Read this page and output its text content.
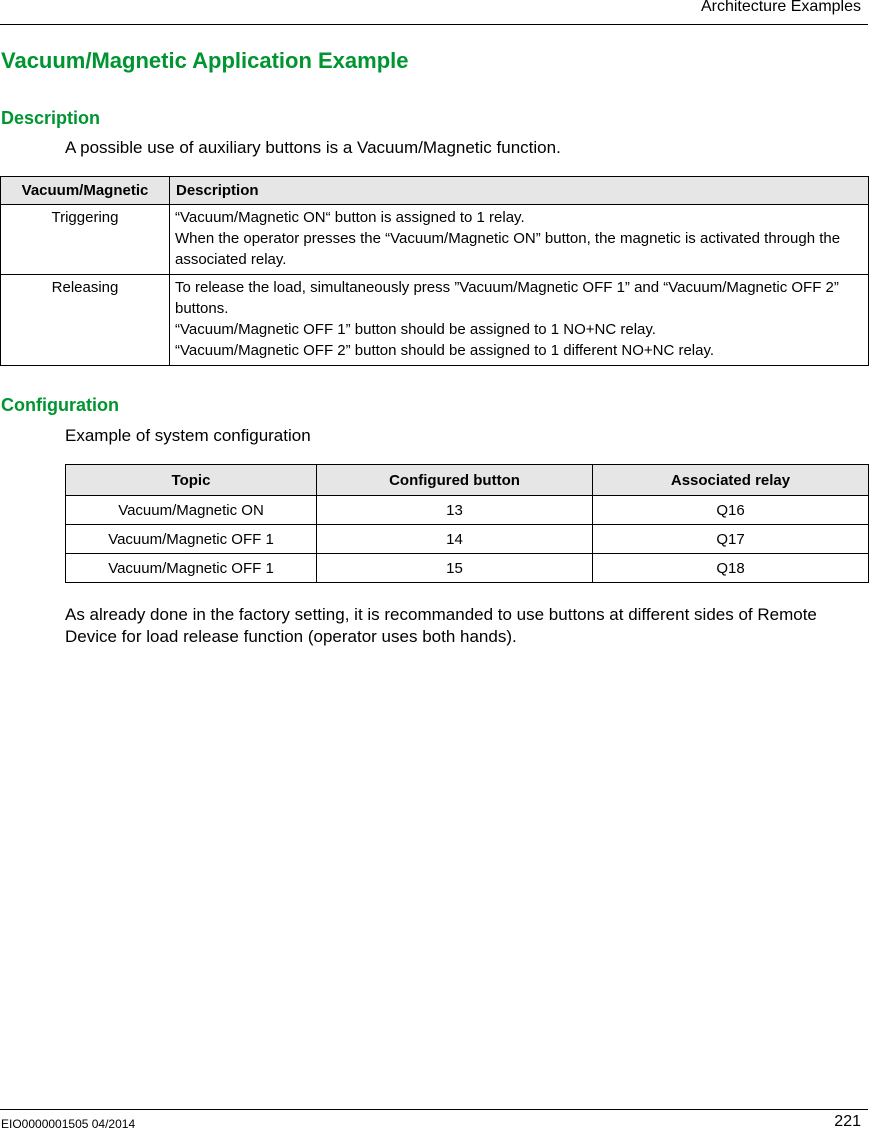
Architecture Examples
Vacuum/Magnetic Application Example
Description

A possible use of auxiliary buttons is a Vacuum/Magnetic function.

Vacuum/Magnetic	Description
Triggering	“Vacuum/Magnetic ON“ button is assigned to 1 relay.
When the operator presses the “Vacuum/Magnetic ON” button, the magnetic is activated through the associated relay.

Releasing	To release the load, simultaneously press ”Vacuum/Magnetic OFF 1” and “Vacuum/Magnetic OFF 2” buttons.
“Vacuum/Magnetic OFF 1” button should be assigned to 1 NO+NC relay.
“Vacuum/Magnetic OFF 2” button should be assigned to 1 different NO+NC relay.
Configuration

Example of system configuration

Topic	Configured button	Associated relay
Vacuum/Magnetic ON	13	Q16
Vacuum/Magnetic OFF 1	14	Q17
Vacuum/Magnetic OFF 1	15	Q18

As already done in the factory setting, it is recommanded to use buttons at different sides of Remote Device for load release function (operator uses both hands).

EIO0000001505 04/2014	221
